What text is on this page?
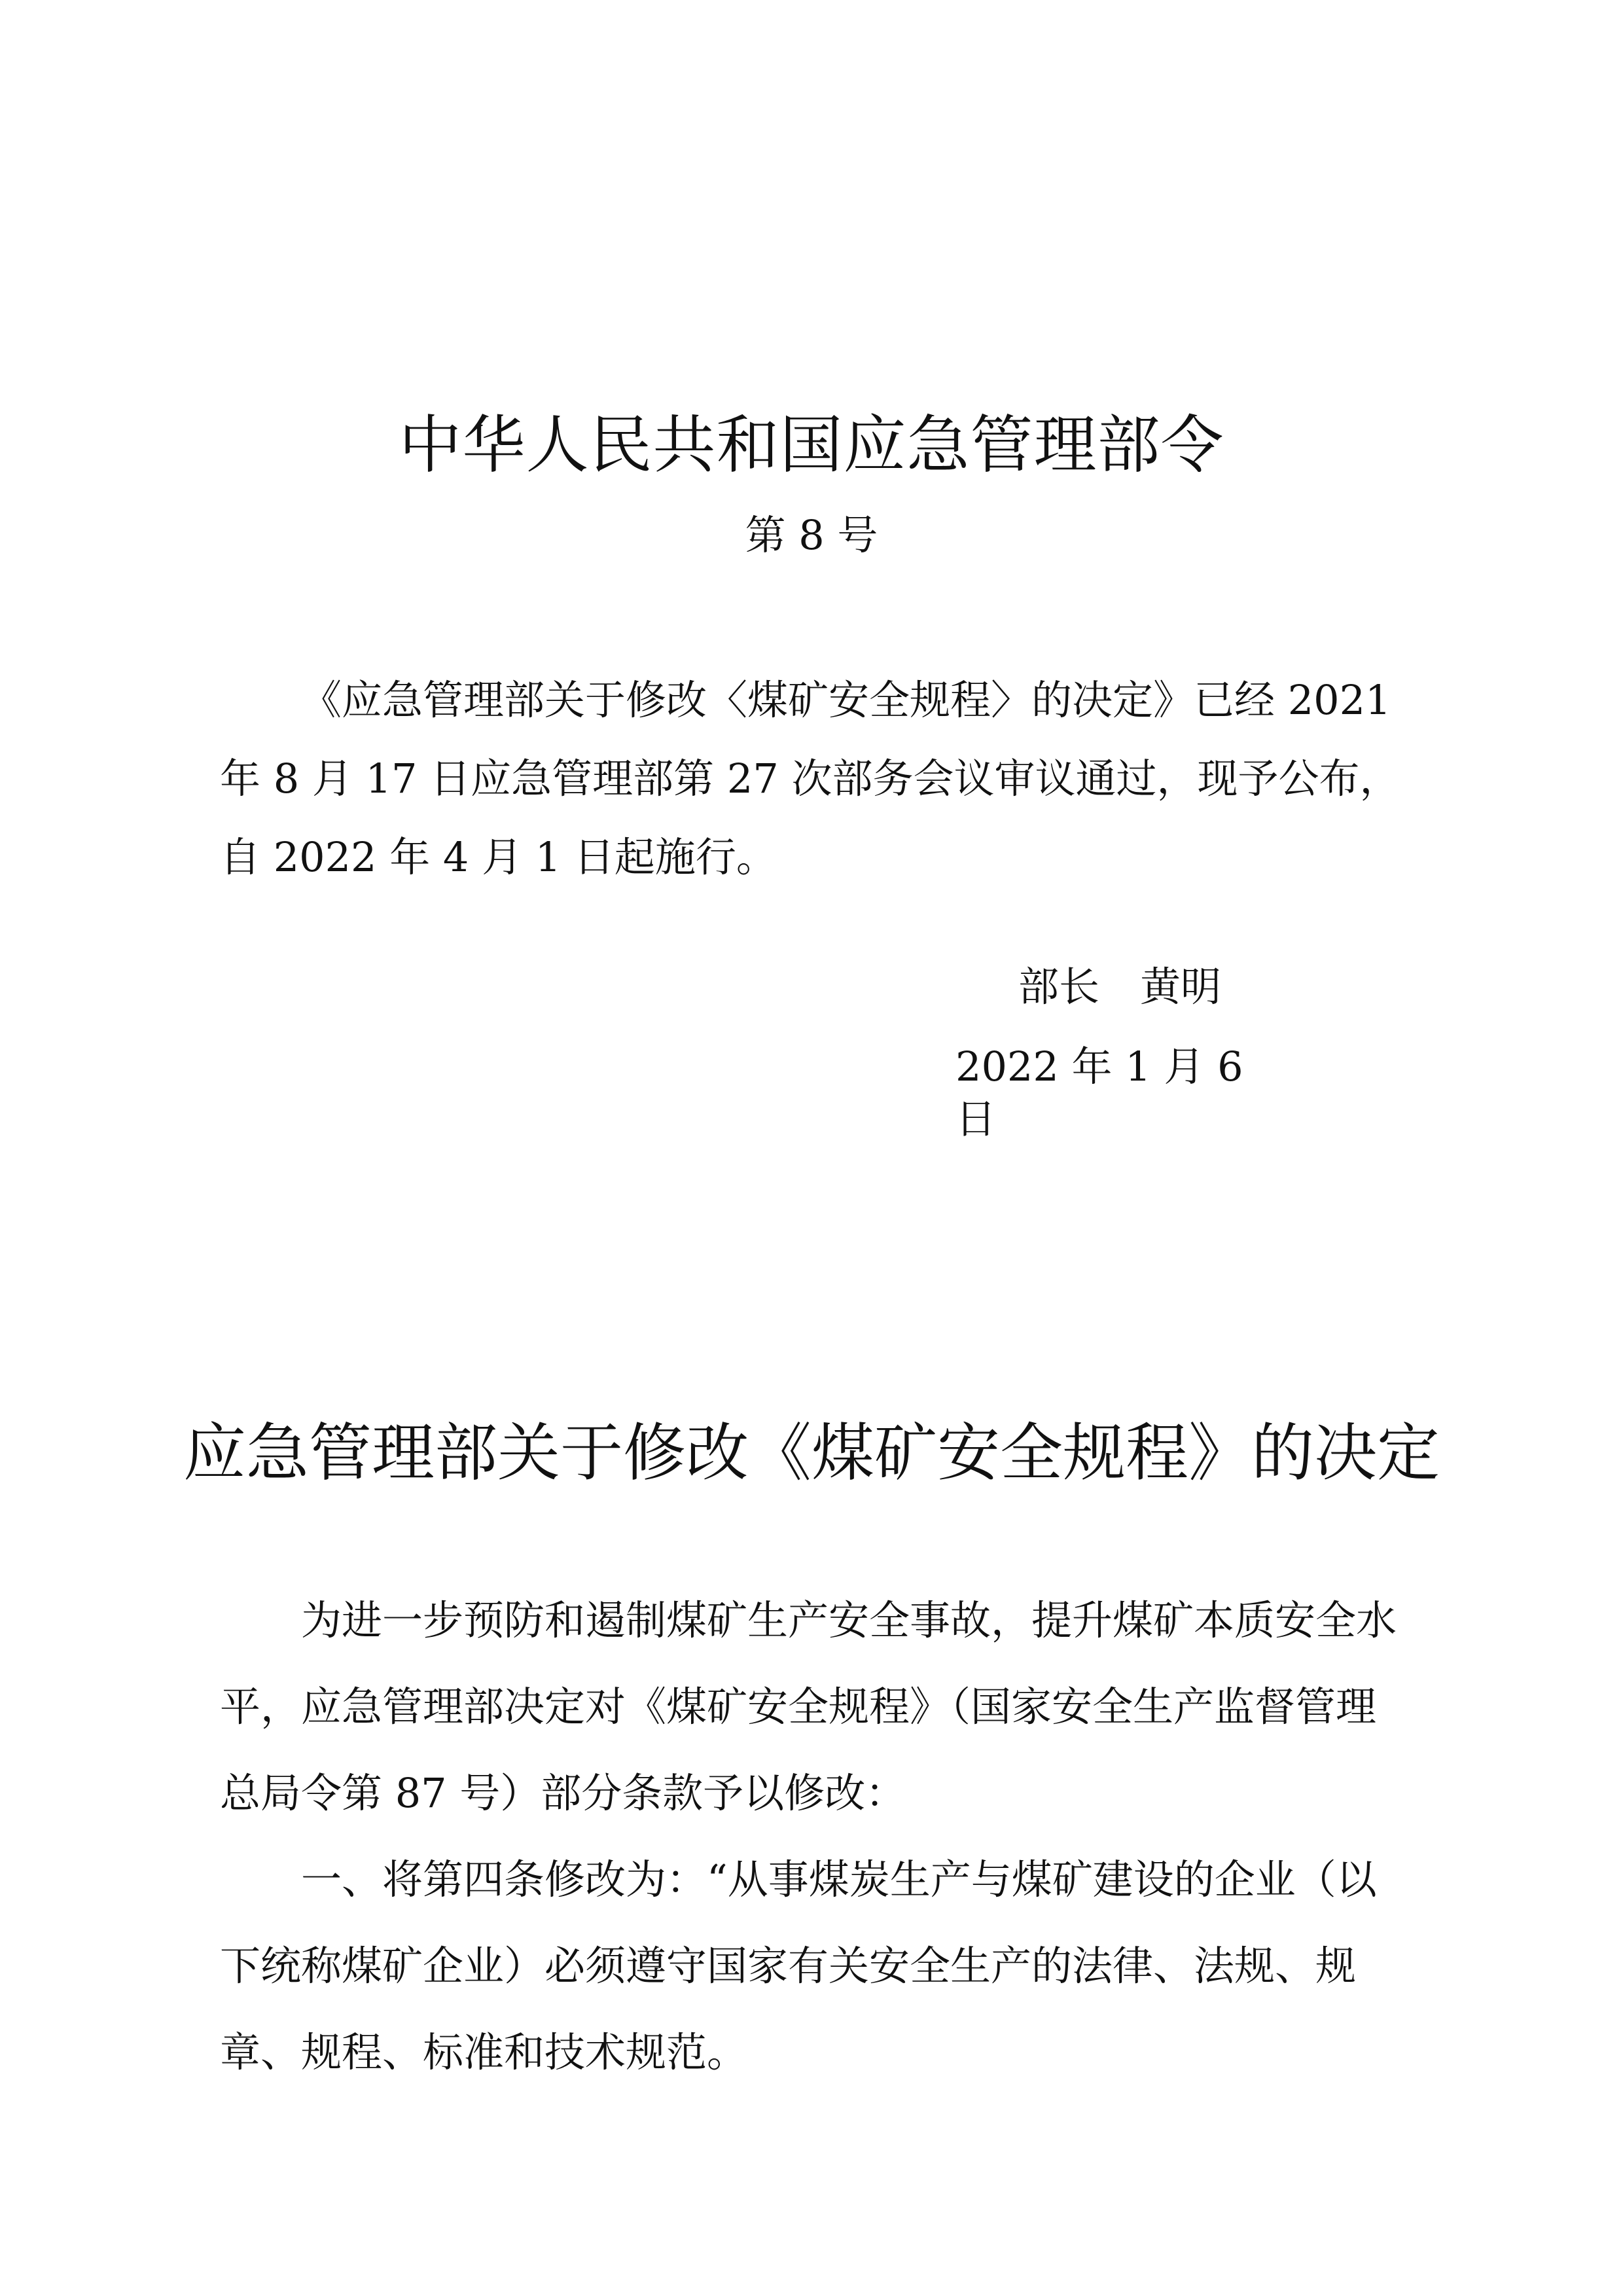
中华人民共和国应急管理部令

第 8 号

《应急管理部关于修改〈煤矿安全规程〉的决定》已经 2021 年 8 月 17 日应急管理部第 27 次部务会议审议通过，现予公布，自 2022 年 4 月 1 日起施行。

部长　黄明

2022 年 1 月 6 日

应急管理部关于修改《煤矿安全规程》的决定

为进一步预防和遏制煤矿生产安全事故，提升煤矿本质安全水平，应急管理部决定对《煤矿安全规程》（国家安全生产监督管理总局令第 87 号）部分条款予以修改：

一、将第四条修改为：“从事煤炭生产与煤矿建设的企业（以下统称煤矿企业）必须遵守国家有关安全生产的法律、法规、规章、规程、标准和技术规范。
